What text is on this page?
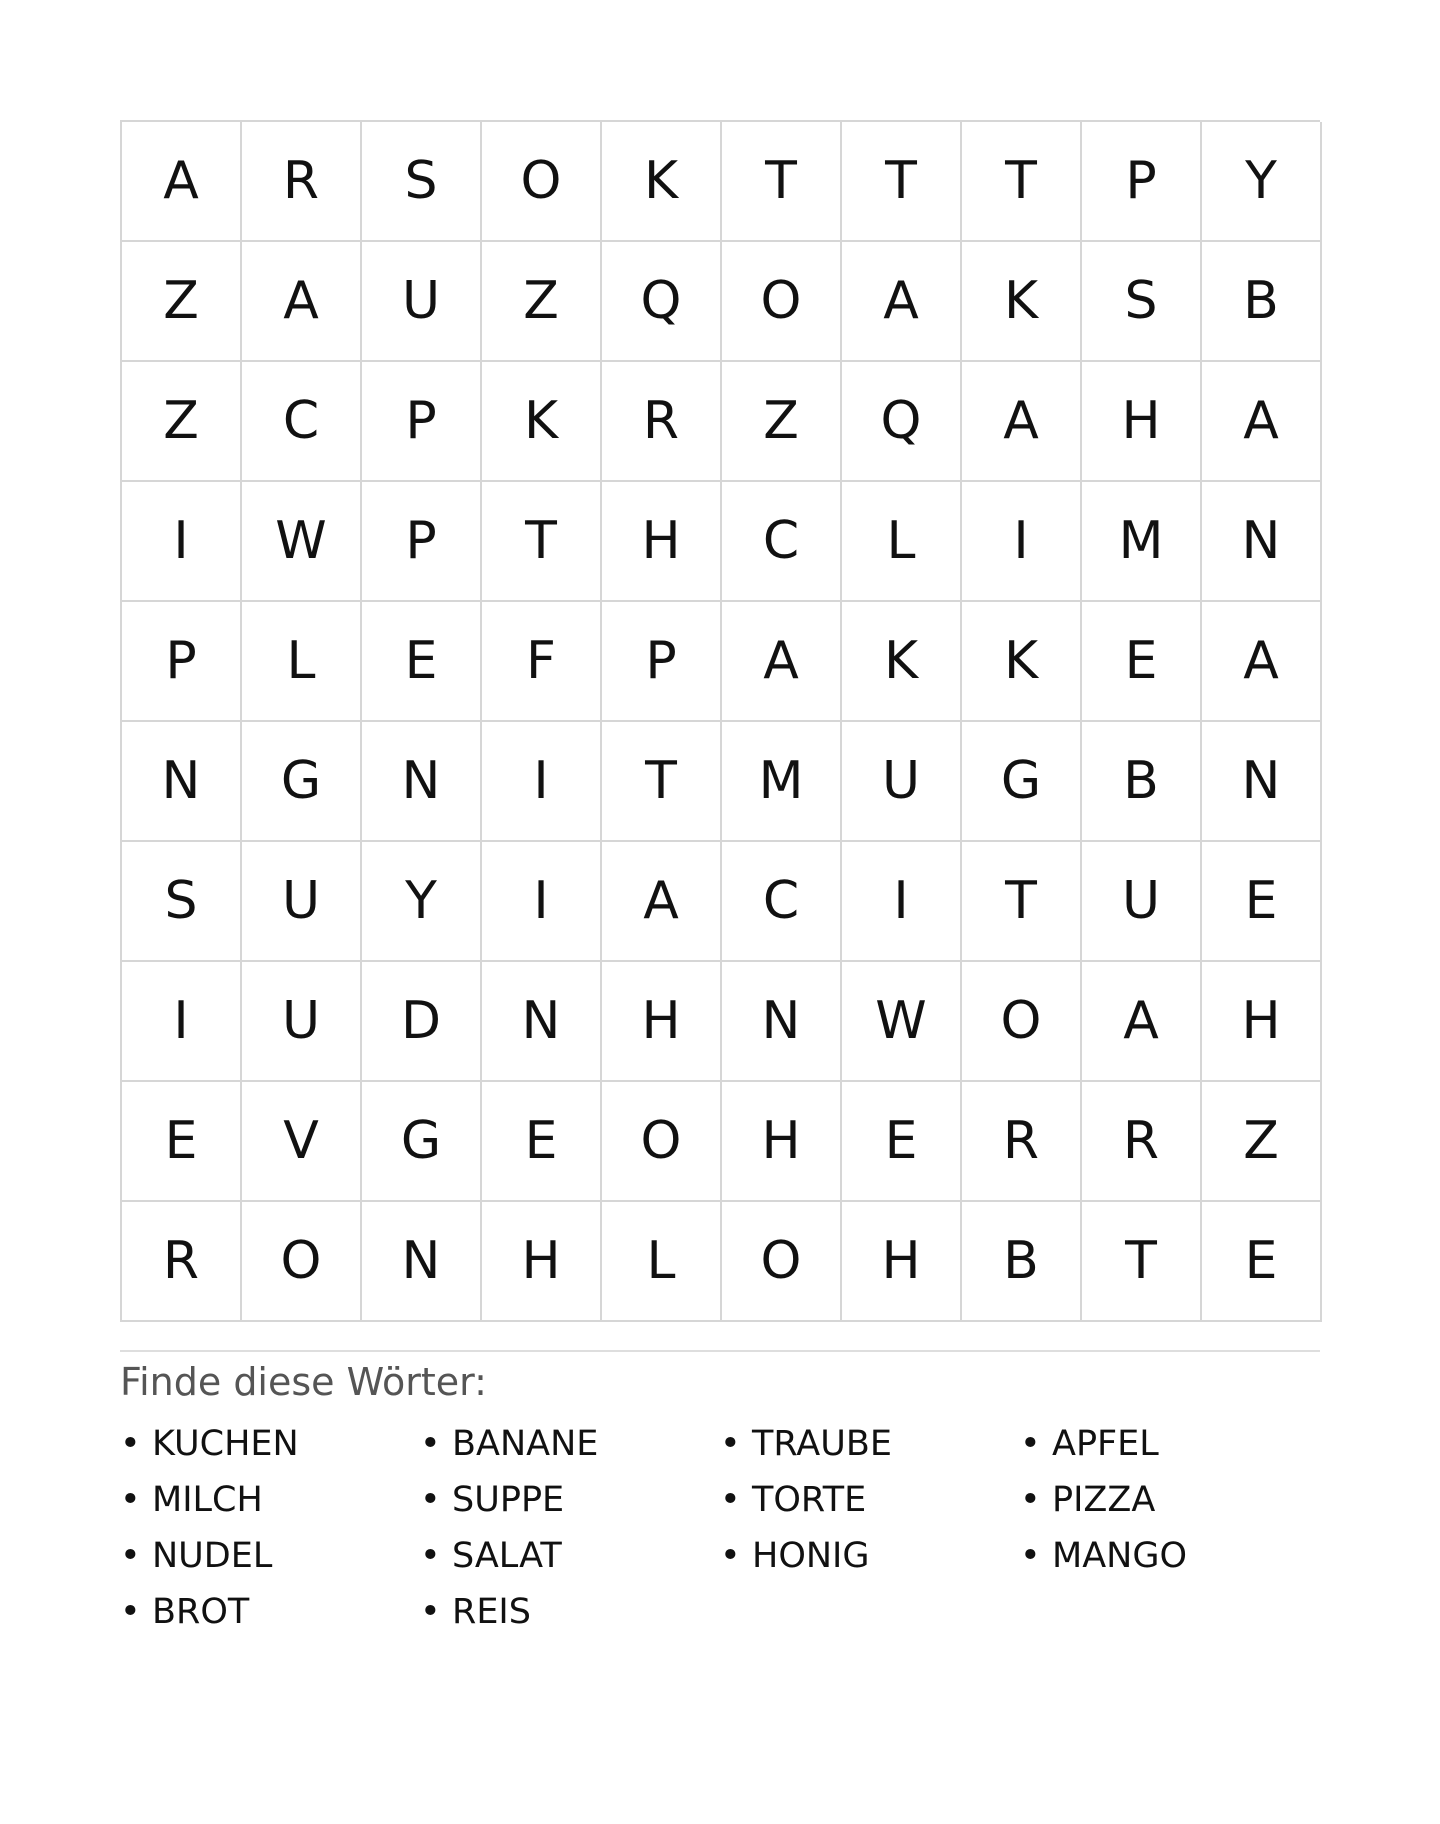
A	R	S	O	K	T	T	T	P	Y
Z	A	U	Z	Q	O	A	K	S	B
Z	C	P	K	R	Z	Q	A	H	A
I	W	P	T	H	C	L	I	M	N
P	L	E	F	P	A	K	K	E	A
N	G	N	I	T	M	U	G	B	N
S	U	Y	I	A	C	I	T	U	E
I	U	D	N	H	N	W	O	A	H
E	V	G	E	O	H	E	R	R	Z
R	O	N	H	L	O	H	B	T	E
Finde diese Wörter:
• KUCHEN	• BANANE	• TRAUBE	• APFEL
• MILCH	• SUPPE	• TORTE	• PIZZA
• NUDEL	• SALAT	• HONIG	• MANGO
• BROT	• REIS
